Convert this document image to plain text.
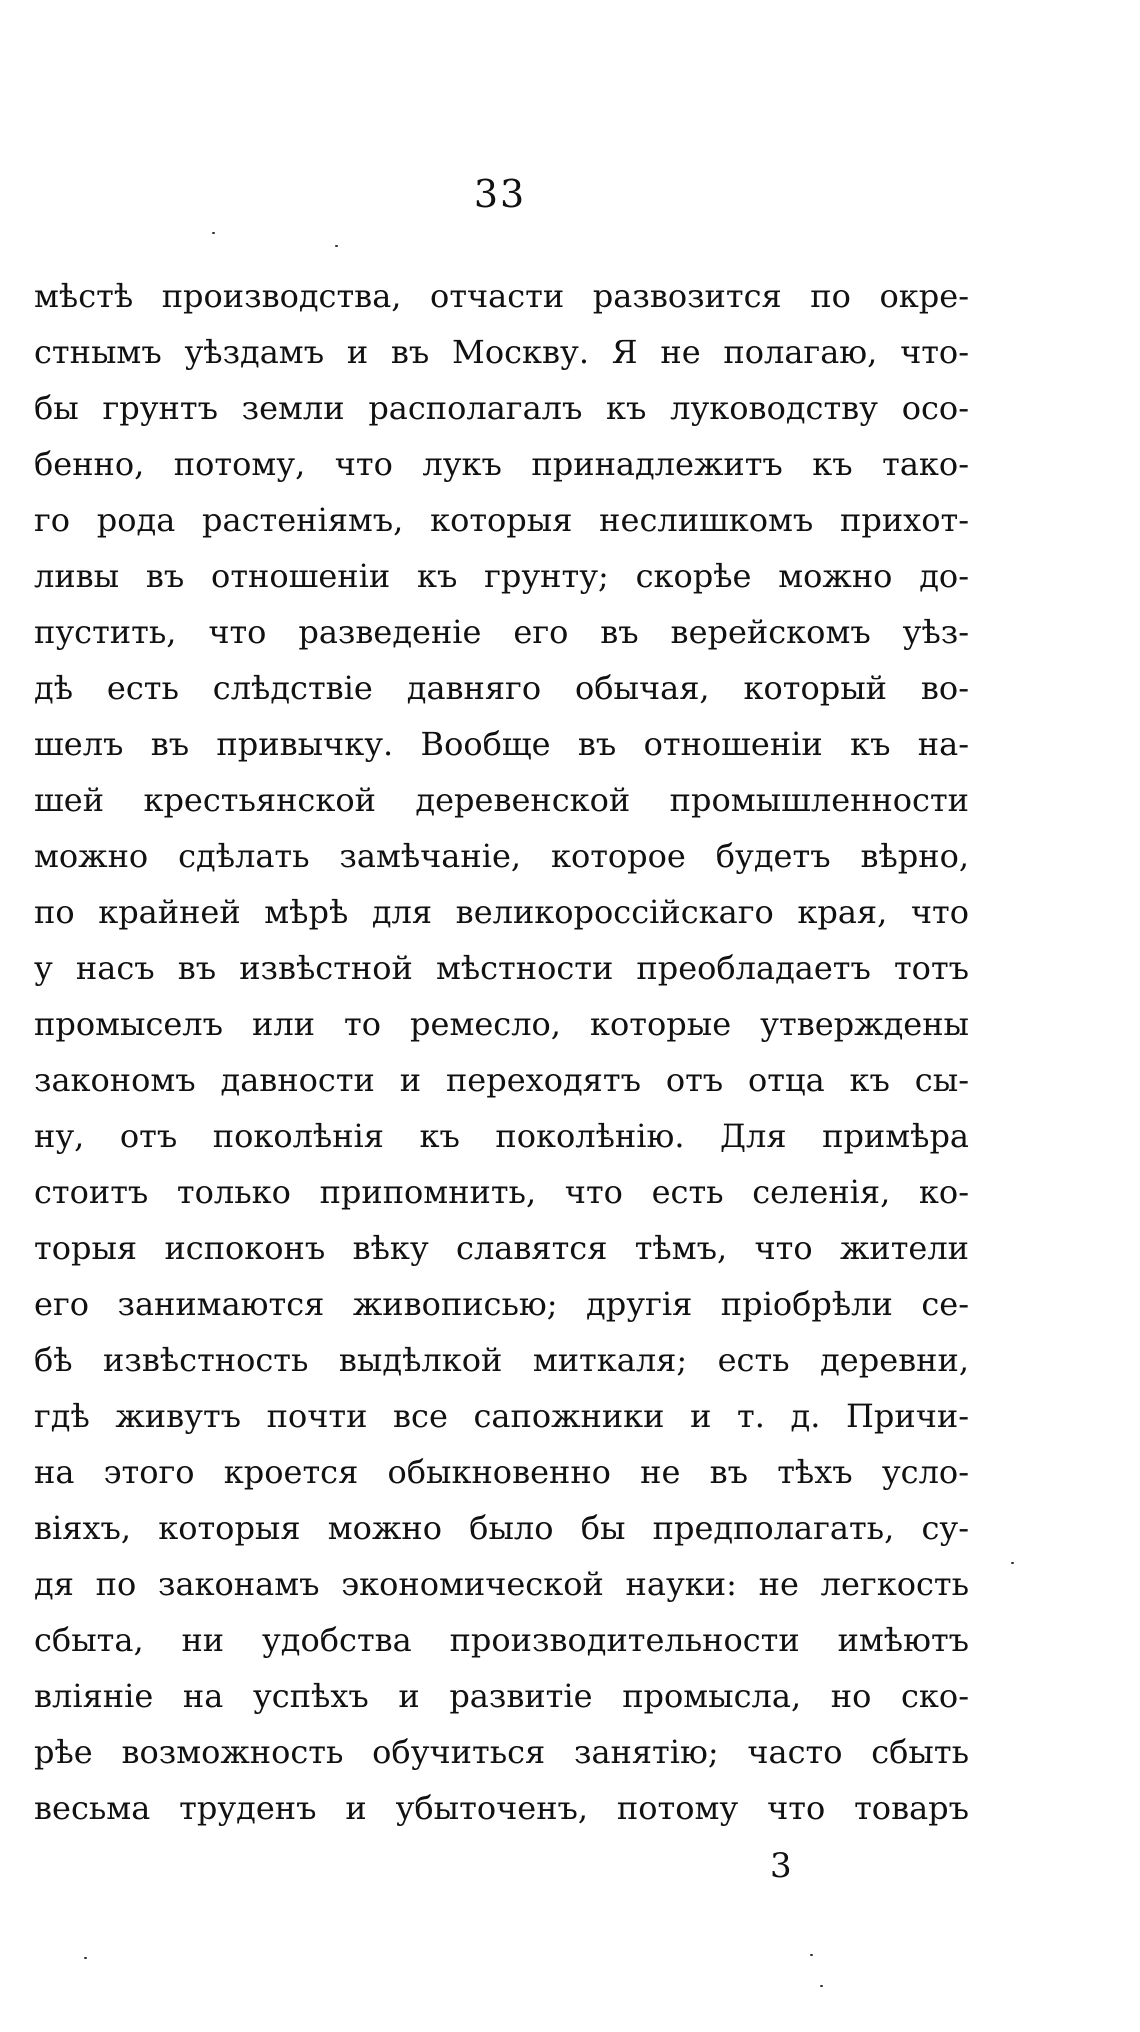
33
мѣстѣ производства, отчасти развозится по окре-
стнымъ уѣздамъ и въ Москву. Я не полагаю, что-
бы грунтъ земли располагалъ къ луководству осо-
бенно, потому, что лукъ принадлежитъ къ тако-
го рода растеніямъ, которыя неслишкомъ прихот-
ливы въ отношеніи къ грунту; скорѣе можно до-
пустить, что разведеніе его въ верейскомъ уѣз-
дѣ есть слѣдствіе давняго обычая, который во-
шелъ въ привычку. Вообще въ отношеніи къ на-
шей крестьянской деревенской промышленности
можно сдѣлать замѣчаніе, которое будетъ вѣрно,
по крайней мѣрѣ для великороссійскаго края, что
у насъ въ извѣстной мѣстности преобладаетъ тотъ
промыселъ или то ремесло, которые утверждены
закономъ давности и переходятъ отъ отца къ сы-
ну, отъ поколѣнія къ поколѣнію. Для примѣра
стоитъ только припомнить, что есть селенія, ко-
торыя испоконъ вѣку славятся тѣмъ, что жители
его занимаются живописью; другія пріобрѣли се-
бѣ извѣстность выдѣлкой миткаля; есть деревни,
гдѣ живутъ почти все сапожники и т. д. Причи-
на этого кроется обыкновенно не въ тѣхъ усло-
віяхъ, которыя можно было бы предполагать, су-
дя по законамъ экономической науки: не легкость
сбыта, ни удобства производительности имѣютъ
вліяніе на успѣхъ и развитіе промысла, но ско-
рѣе возможность обучиться занятію; часто сбыть
весьма труденъ и убыточенъ, потому что товаръ
3
